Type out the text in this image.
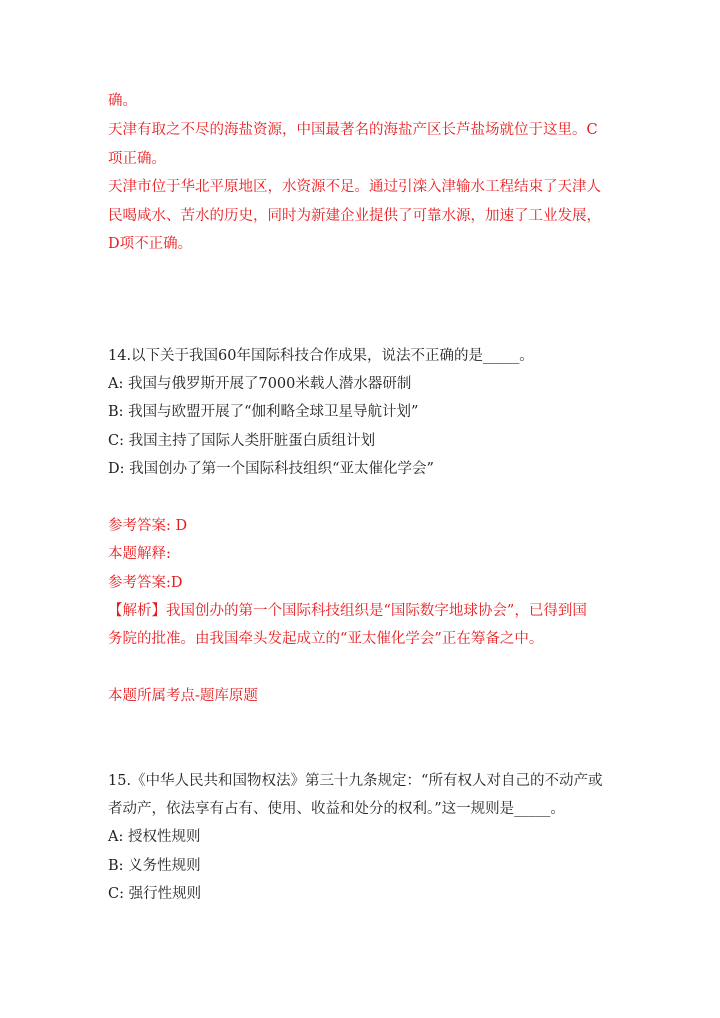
确。
天津有取之不尽的海盐资源，中国最著名的海盐产区长芦盐场就位于这里。C
项正确。
天津市位于华北平原地区，水资源不足。通过引滦入津输水工程结束了天津人
民喝咸水、苦水的历史，同时为新建企业提供了可靠水源，加速了工业发展，
D项不正确。
14.以下关于我国60年国际科技合作成果，说法不正确的是_____。
A: 我国与俄罗斯开展了7000米载人潜水器研制
B: 我国与欧盟开展了“伽利略全球卫星导航计划”
C: 我国主持了国际人类肝脏蛋白质组计划
D: 我国创办了第一个国际科技组织“亚太催化学会”
参考答案: D
本题解释:
参考答案:D
【解析】我国创办的第一个国际科技组织是“国际数字地球协会”，已得到国
务院的批准。由我国牵头发起成立的“亚太催化学会”正在筹备之中。
本题所属考点-题库原题
15.《中华人民共和国物权法》第三十九条规定：“所有权人对自己的不动产或
者动产，依法享有占有、使用、收益和处分的权利。”这一规则是_____。
A: 授权性规则
B: 义务性规则
C: 强行性规则
